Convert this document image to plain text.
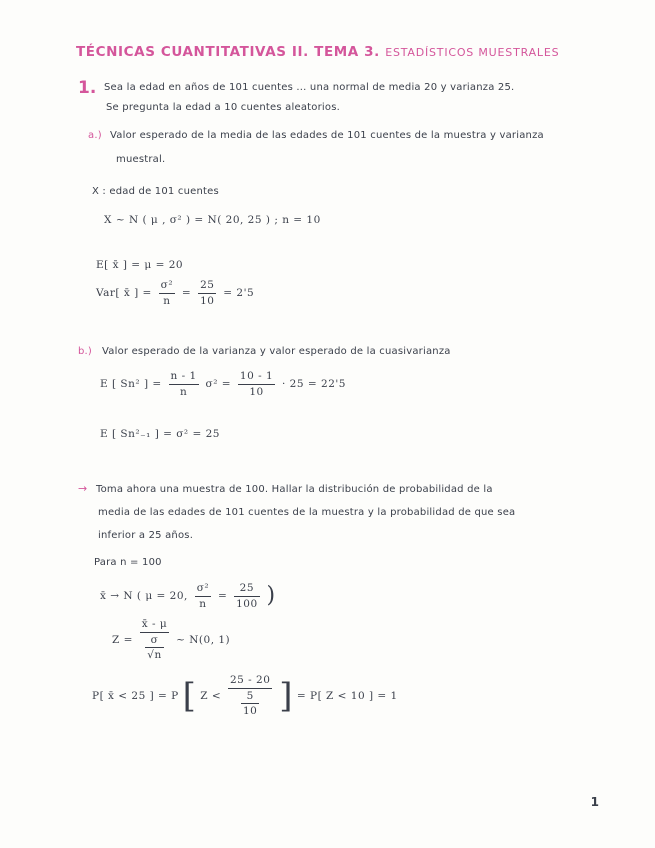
TÉCNICAS CUANTITATIVAS II. TEMA 3. ESTADÍSTICOS MUESTRALES
1. Sea la edad en años de 101 cuentes ... una normal de media 20 y varianza 25.
Se pregunta la edad a 10 cuentes aleatorios.
a.) Valor esperado de la media de las edades de 101 cuentes de la muestra y varianza
muestral.
X : edad de 101 cuentes
X ~ N ( μ , σ² ) = N( 20, 25 ) ; n = 10
E[ x̄ ] = μ = 20
Var[ x̄ ] = $\frac{\text{σ²}}{n} = \frac{25}{10} = 2'5$
b.) Valor esperado de la varianza y valor esperado de la cuasivarianza
E [ Sn² ] = $\frac{n - 1}{n} \sigma^2 = \frac{10 - 1}{10} \cdot 25 = 22'5$
E [ Sn²₋₁ ] = σ² = 25
→ Toma ahora una muestra de 100. Hallar la distribución de probabilidad de la
media de las edades de 101 cuentes de la muestra y la probabilidad de que sea
inferior a 25 años.
Para n = 100
x̄ → N ( μ = 20, $\frac{\text{σ²}}{n} = \frac{25}{100}$ )
$Z = \frac{x̄ - \mu}{\frac{\sigma}{√n}}$ ~ N(0, 1)
P[ x̄ < 25 ] = P [ $Z < \frac{25 - 20}{\frac{5}{10}}$ ] = P[ Z < 10 ] = 1
1
